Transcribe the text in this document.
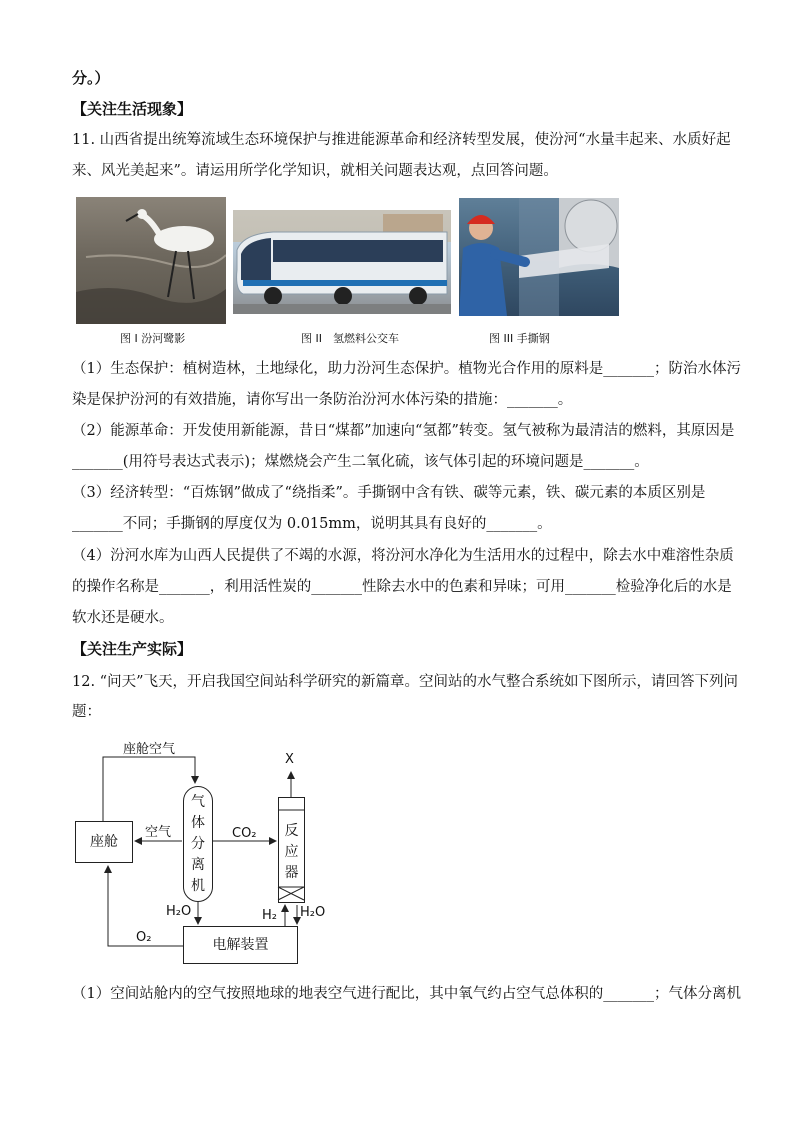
分。）
【关注生活现象】
11. 山西省提出统筹流域生态环境保护与推进能源革命和经济转型发展，使汾河“水量丰起来、水质好起
来、风光美起来”。请运用所学化学知识，就相关问题表达观，点回答问题。
图 I 汾河鹭影	图 II　氢燃料公交车	图 III 手撕钢
（1）生态保护：植树造林，土地绿化，助力汾河生态保护。植物光合作用的原料是_______；防治水体污
染是保护汾河的有效措施，请你写出一条防治汾河水体污染的措施：_______。
（2）能源革命：开发使用新能源，昔日“煤都”加速向“氢都”转变。氢气被称为最清洁的燃料，其原因是
_______(用符号表达式表示)；煤燃烧会产生二氧化硫，该气体引起的环境问题是_______。
（3）经济转型：“百炼钢”做成了“绕指柔”。手撕钢中含有铁、碳等元素，铁、碳元素的本质区别是
_______不同；手撕钢的厚度仅为 0.015mm，说明其具有良好的_______。
（4）汾河水库为山西人民提供了不竭的水源，将汾河水净化为生活用水的过程中，除去水中难溶性杂质
的操作名称是_______，利用活性炭的_______性除去水中的色素和异味；可用_______检验净化后的水是
软水还是硬水。
【关注生产实际】
12. “问天”飞天，开启我国空间站科学研究的新篇章。空间站的水气整合系统如下图所示，请回答下列问
题：
座舱
气
体
分
离
机
反
应
器
电解装置
座舱空气
X
空气	CO₂
H₂O	H₂ H₂O
O₂
（1）空间站舱内的空气按照地球的地表空气进行配比，其中氧气约占空气总体积的_______；气体分离机
